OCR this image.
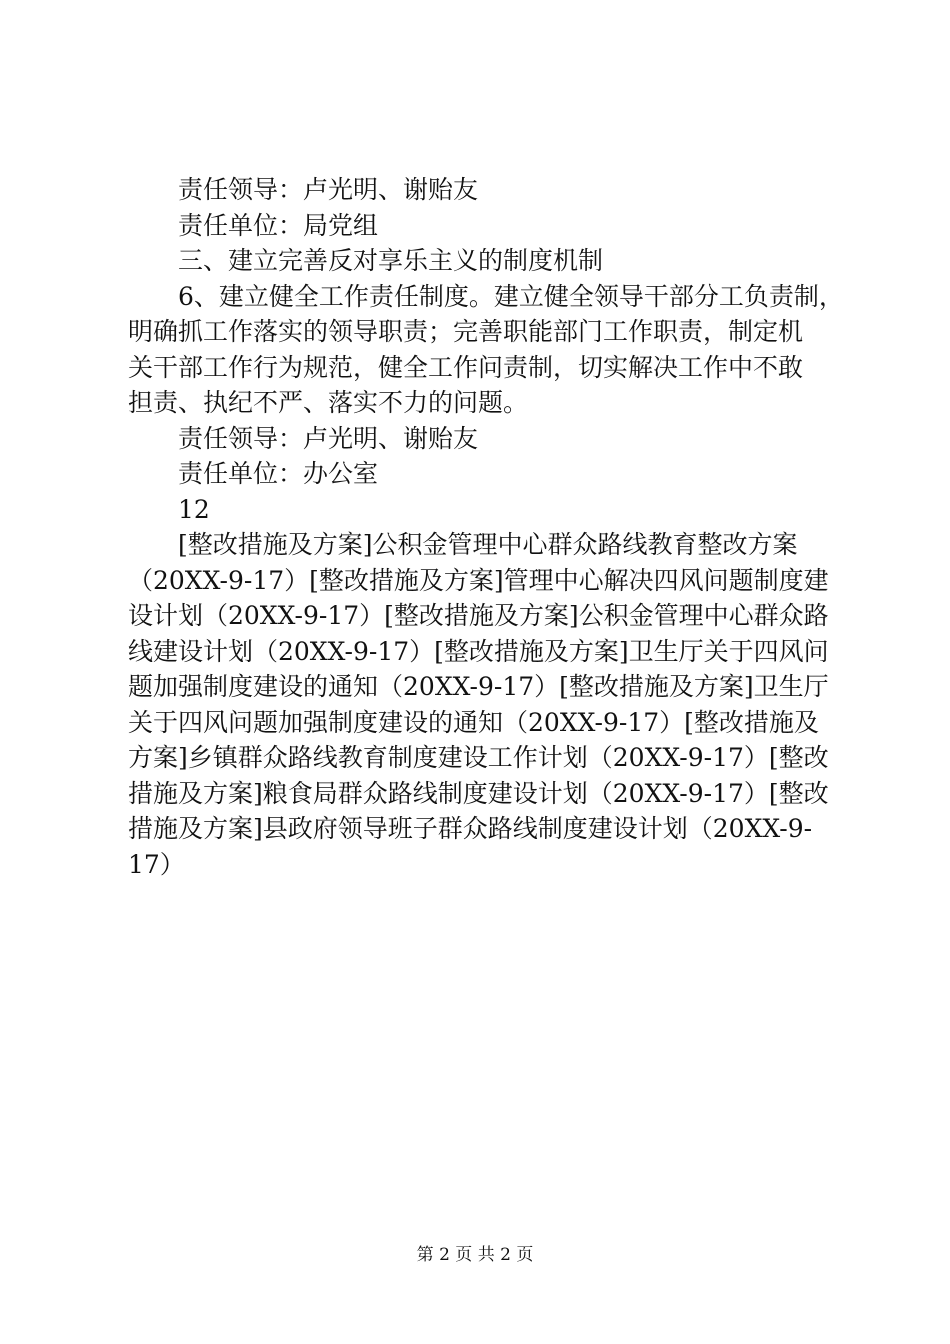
责任领导：卢光明、谢贻友

责任单位：局党组

三、建立完善反对享乐主义的制度机制

6、建立健全工作责任制度。建立健全领导干部分工负责制，

明确抓工作落实的领导职责；完善职能部门工作职责，制定机

关干部工作行为规范，健全工作问责制，切实解决工作中不敢

担责、执纪不严、落实不力的问题。

责任领导：卢光明、谢贻友

责任单位：办公室

12

[整改措施及方案]公积金管理中心群众路线教育整改方案

（20XX-9-17）[整改措施及方案]管理中心解决四风问题制度建

设计划（20XX-9-17）[整改措施及方案]公积金管理中心群众路

线建设计划（20XX-9-17）[整改措施及方案]卫生厅关于四风问

题加强制度建设的通知（20XX-9-17）[整改措施及方案]卫生厅

关于四风问题加强制度建设的通知（20XX-9-17）[整改措施及

方案]乡镇群众路线教育制度建设工作计划（20XX-9-17）[整改

措施及方案]粮食局群众路线制度建设计划（20XX-9-17）[整改

措施及方案]县政府领导班子群众路线制度建设计划（20XX-9-

17）

第 2 页 共 2 页
